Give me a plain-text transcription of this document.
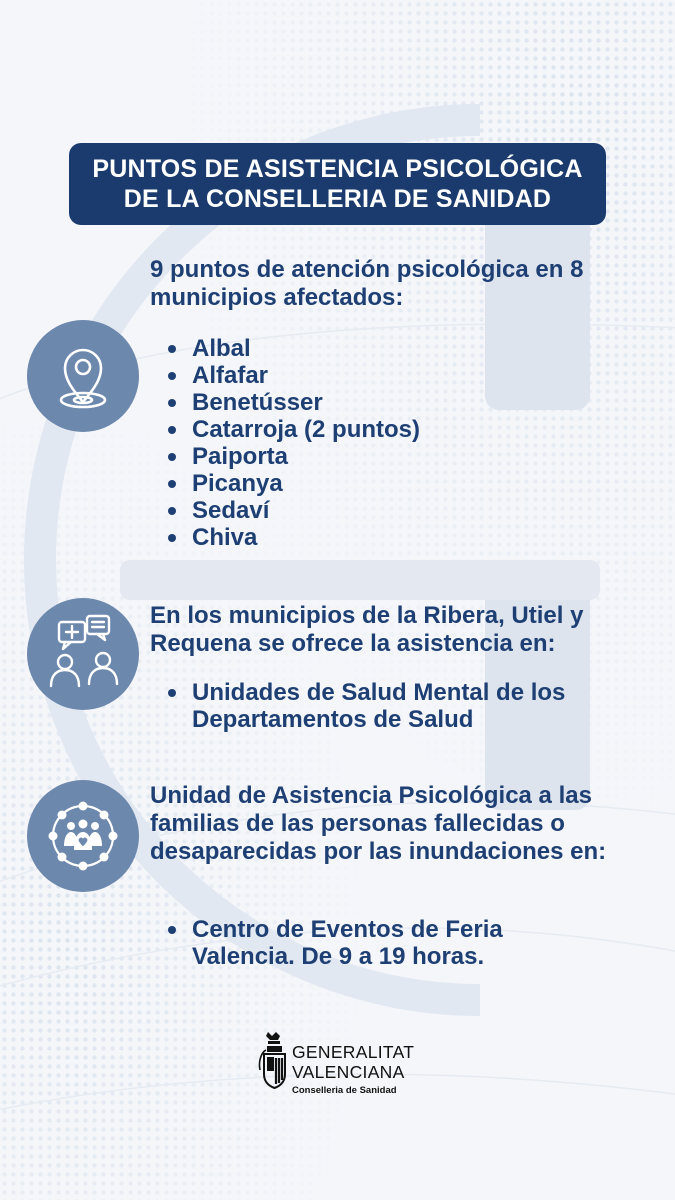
PUNTOS DE ASISTENCIA PSICOLÓGICA
DE LA CONSELLERIA DE SANIDAD
9 puntos de atención psicológica en 8 municipios afectados:
Albal
Alfafar
Benetússer
Catarroja (2 puntos)
Paiporta
Picanya
Sedaví
Chiva
En los municipios de la Ribera, Utiel y Requena se ofrece la asistencia en:
Unidades de Salud Mental de los Departamentos de Salud
Unidad de Asistencia Psicológica a las familias de las personas fallecidas o desaparecidas por las inundaciones en:
Centro de Eventos de Feria Valencia. De 9 a 19 horas.
GENERALITAT
VALENCIANA
Conselleria de Sanidad
